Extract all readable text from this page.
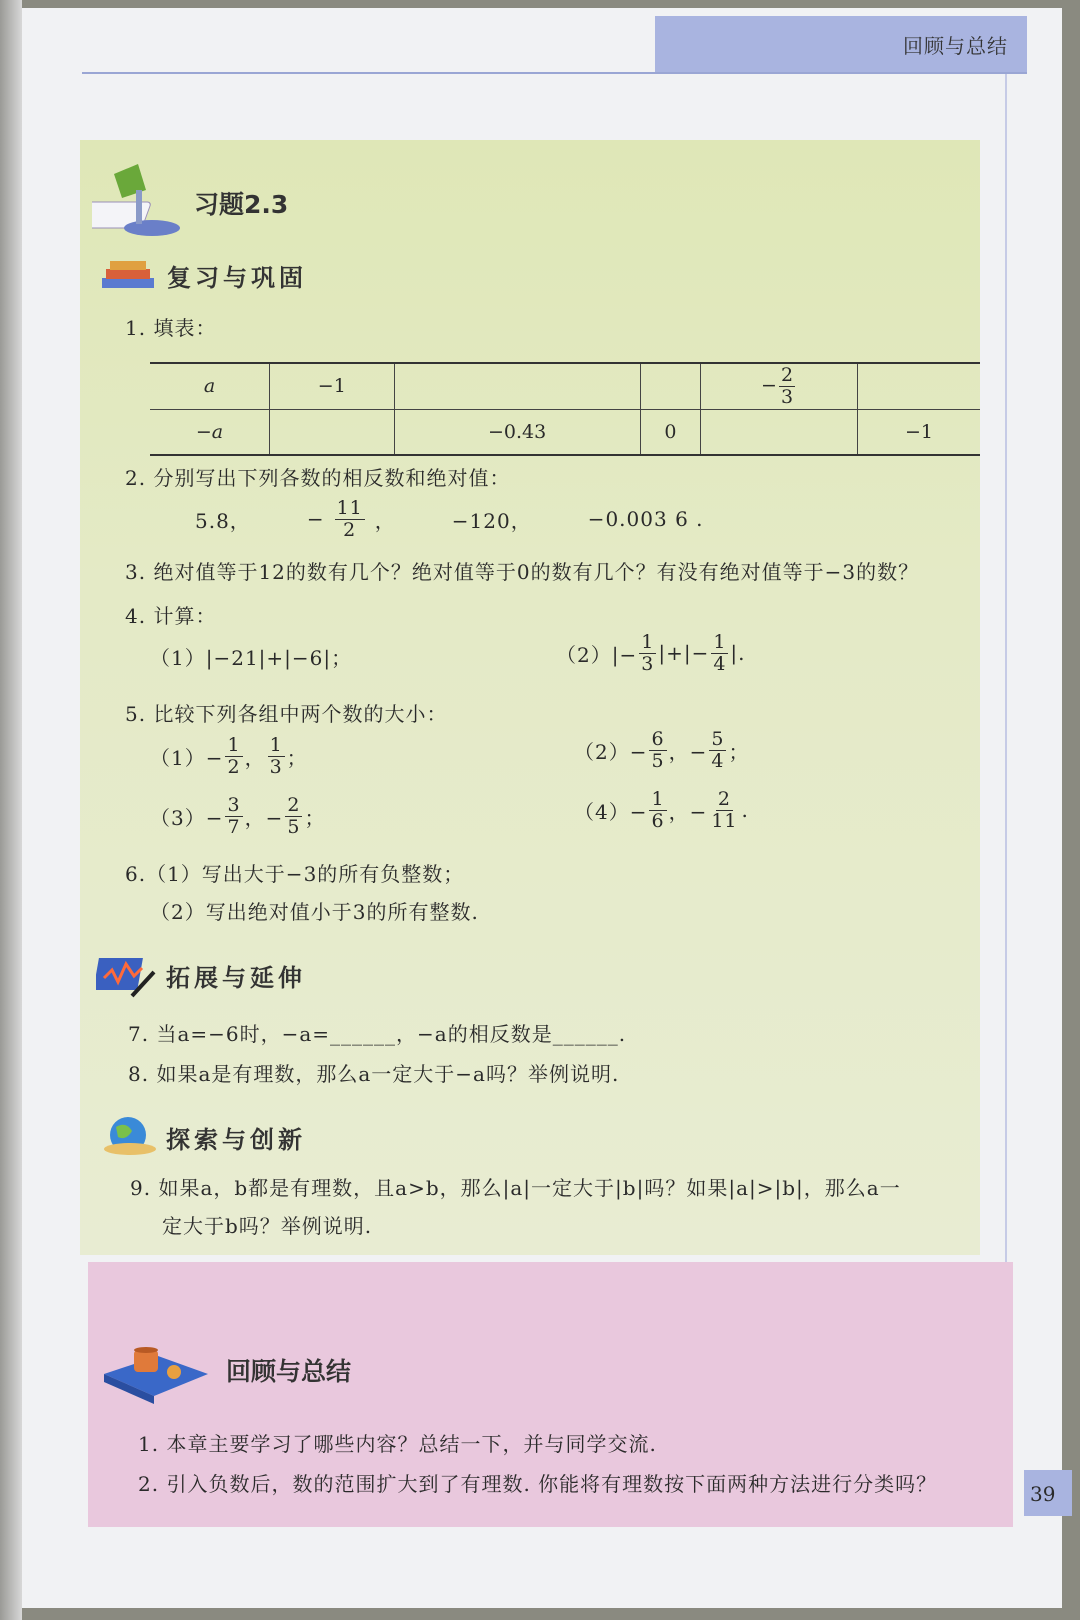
回顾与总结
习题2.3
复习与巩固
1. 填表：
a	−1			− $\frac{2}{3}$

−a		−0.43	0		−1
2. 分别写出下列各数的相反数和绝对值：
5.8，	− $\frac{11}{2}$ ，	−120，	−0.003 6 .
3. 绝对值等于12的数有几个？绝对值等于0的数有几个？有没有绝对值等于−3的数？
4. 计算：
（1）|−21|+|−6|；	$(2)|- \frac{1}{3}$ |+|− $\frac{1}{4}$ |.
5. 比较下列各组中两个数的大小：
$(1)- \frac{1}{2}$ ， $\frac{1}{3}$ ；	$(2)- \frac{6}{5}$ ，− $\frac{5}{4}$ ；
$(3)- \frac{3}{7}$ ，− $\frac{2}{5}$ ；	$(4)- \frac{1}{6}$ ，− $\frac{2}{11}$ .
6.（1）写出大于−3的所有负整数；
（2）写出绝对值小于3的所有整数.
拓展与延伸
7. 当a=−6时，−a=______，−a的相反数是______.
8. 如果a是有理数，那么a一定大于−a吗？举例说明.
探索与创新
9. 如果a，b都是有理数，且a>b，那么|a|一定大于|b|吗？如果|a|>|b|，那么a一
定大于b吗？举例说明.
回顾与总结
1. 本章主要学习了哪些内容？总结一下，并与同学交流.
2. 引入负数后，数的范围扩大到了有理数. 你能将有理数按下面两种方法进行分类吗？	39
